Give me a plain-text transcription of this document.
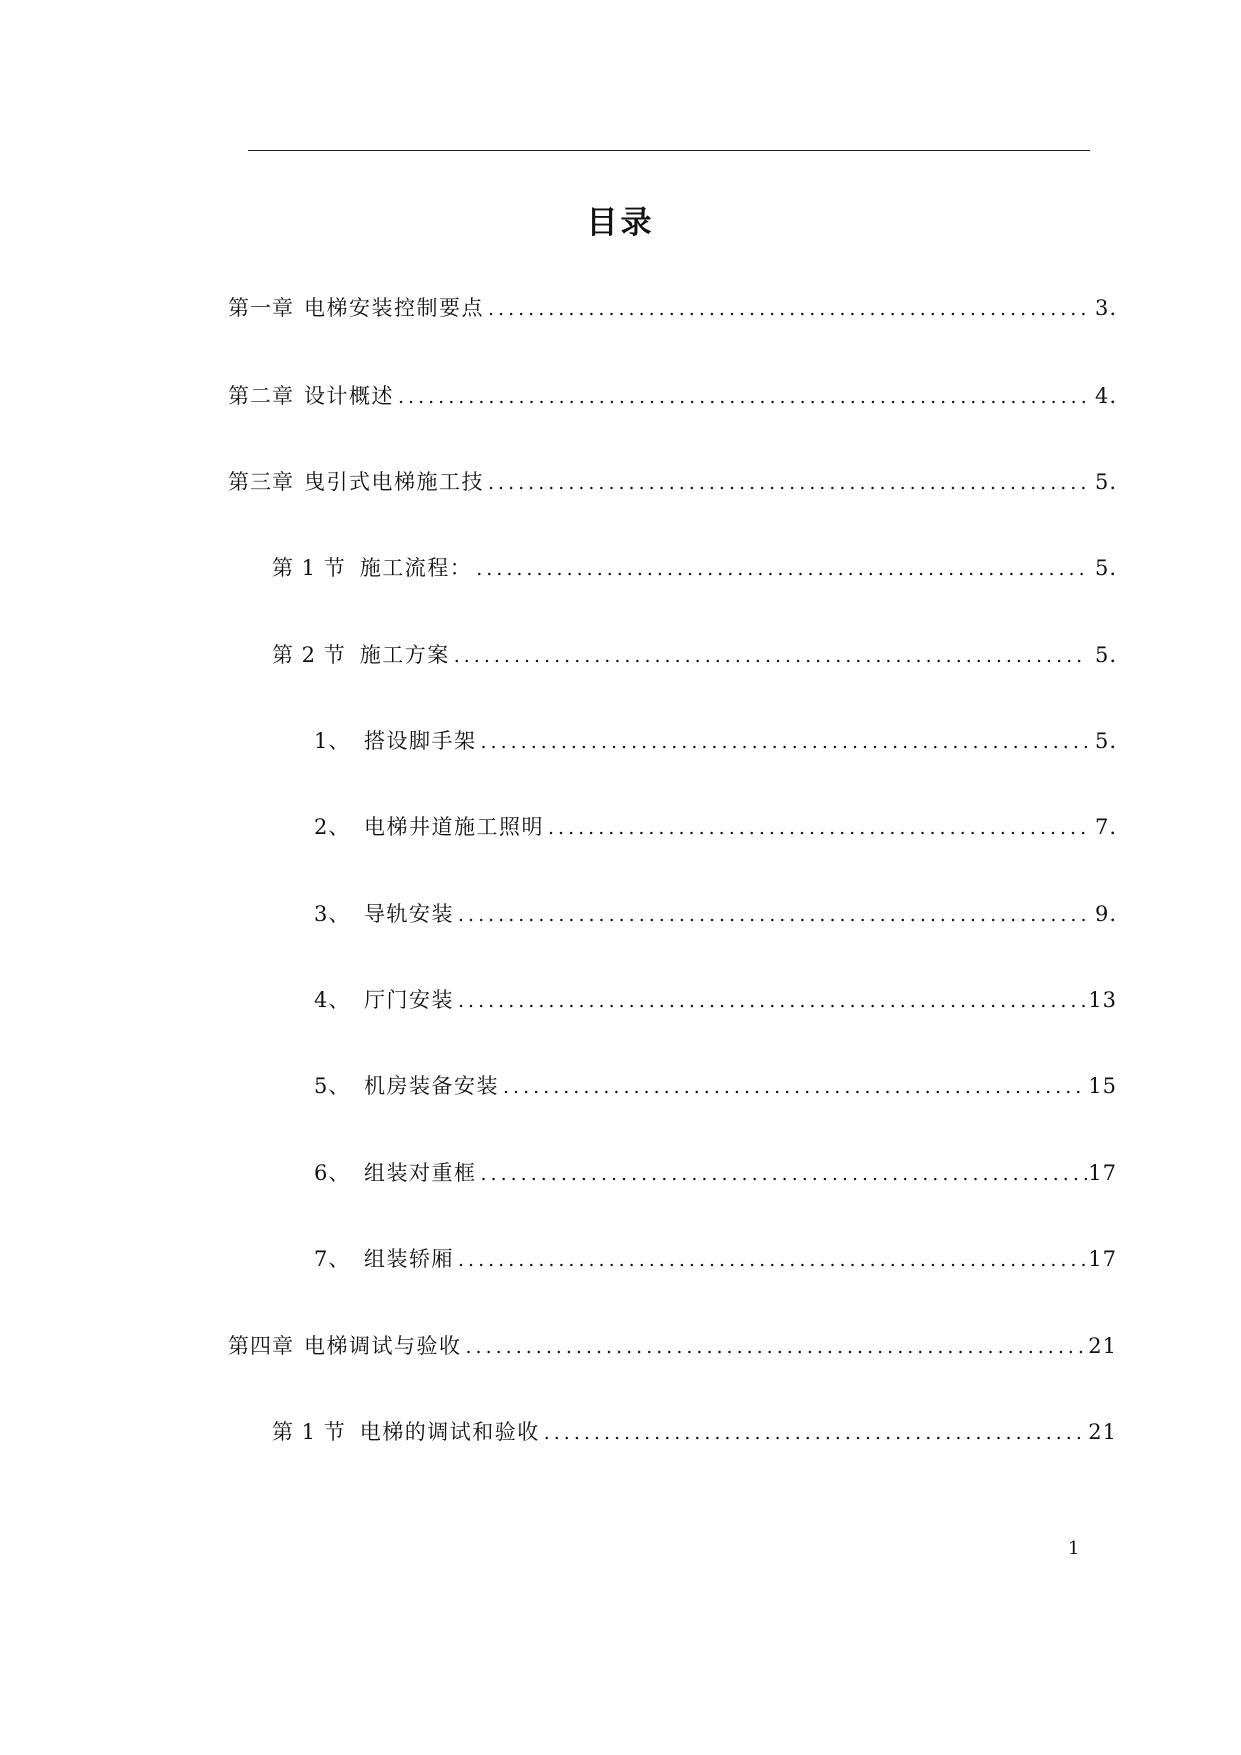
目录
第一章 电梯安装控制要点 .....	3.
第二章 设计概述 .....	4.
第三章 曳引式电梯施工技 .....	5.
第 1 节 施工流程： .....	5.
第 2 节 施工方案 .....	5.
1、 搭设脚手架 .....	5.
2、 电梯井道施工照明 .....	7.
3、 导轨安装 .....	9.
4、 厅门安装 .....	13
5、 机房装备安装 .....	15
6、 组装对重框 .....	17
7、 组装轿厢 .....	17
第四章 电梯调试与验收 .....	21
第 1 节 电梯的调试和验收 .....	21
1
